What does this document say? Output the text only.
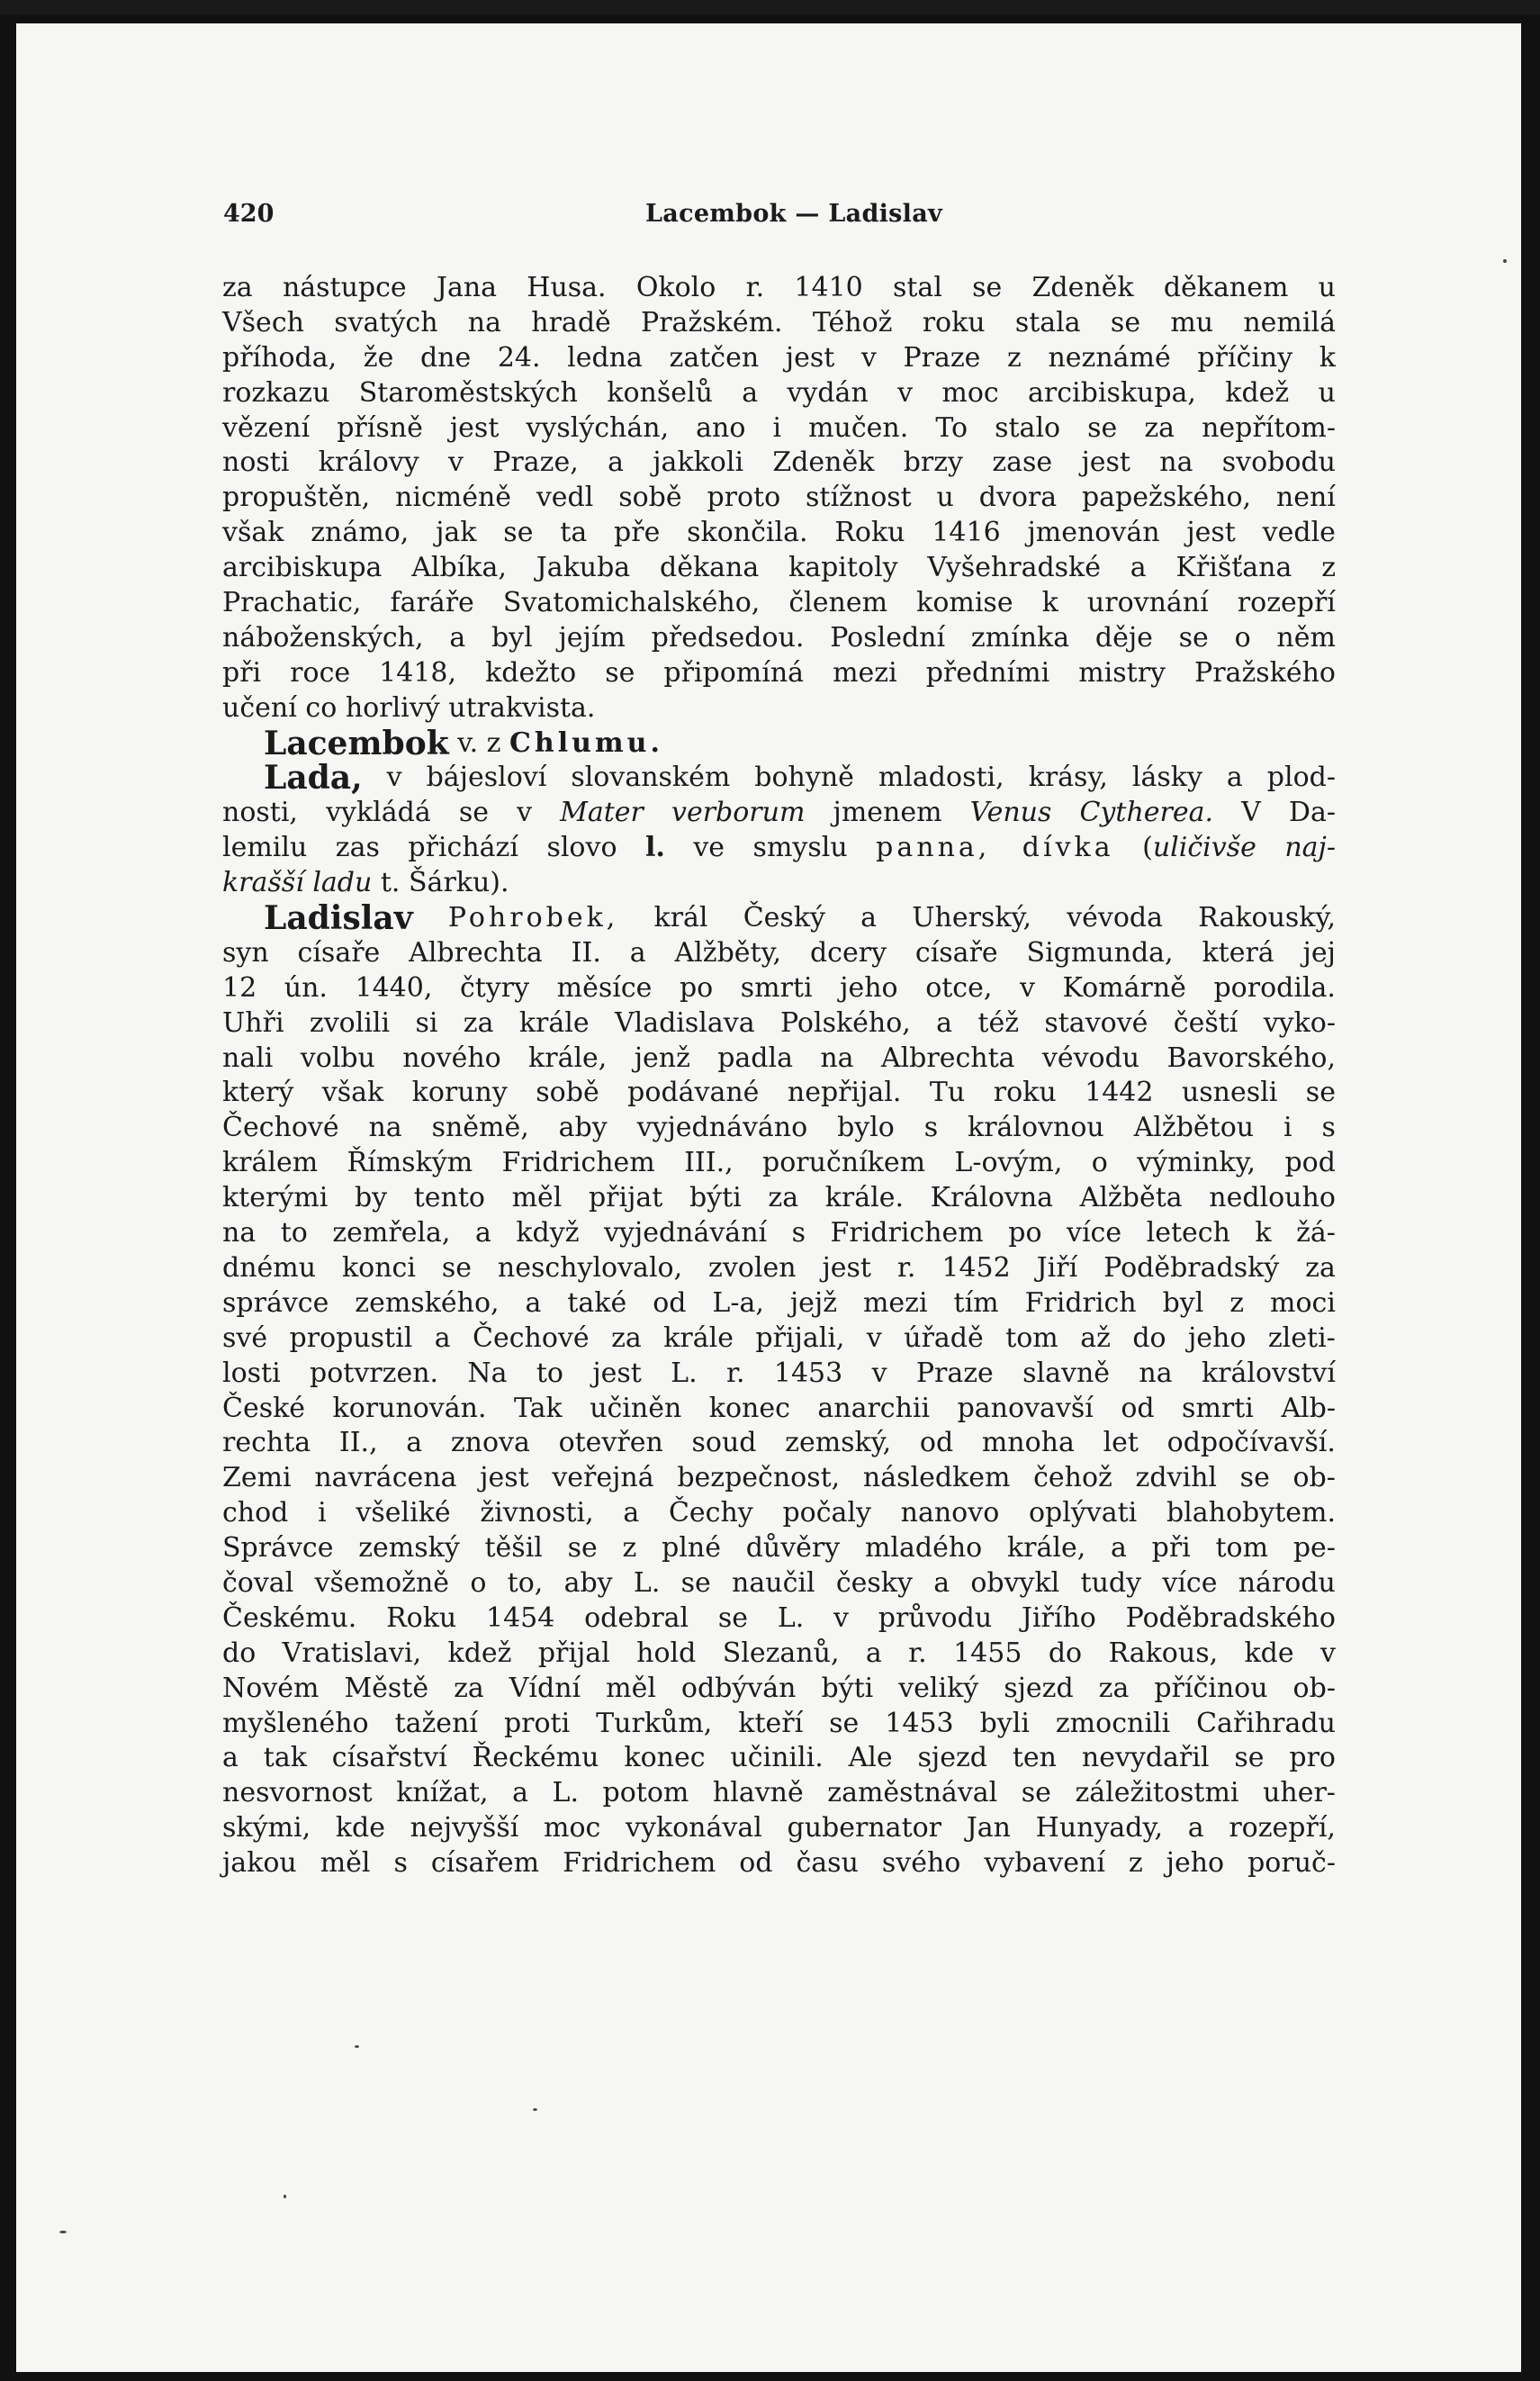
420	Lacembok — Ladislav
za nástupce Jana Husa. Okolo r. 1410 stal se Zdeněk děkanem u
Všech svatých na hradě Pražském. Téhož roku stala se mu nemilá
příhoda, že dne 24. ledna zatčen jest v Praze z neznámé příčiny k
rozkazu Staroměstských konšelů a vydán v moc arcibiskupa, kdež u
vězení přísně jest vyslýchán, ano i mučen. To stalo se za nepřítom-
nosti královy v Praze, a jakkoli Zdeněk brzy zase jest na svobodu
propuštěn, nicméně vedl sobě proto stížnost u dvora papežského, není
však známo, jak se ta pře skončila. Roku 1416 jmenován jest vedle
arcibiskupa Albíka, Jakuba děkana kapitoly Vyšehradské a Křišťana z
Prachatic, faráře Svatomichalského, členem komise k urovnání rozepří
náboženských, a byl jejím předsedou. Poslední zmínka děje se o něm
při roce 1418, kdežto se připomíná mezi předními mistry Pražského
učení co horlivý utrakvista.
Lacembok v. z Chlumu.
Lada, v bájesloví slovanském bohyně mladosti, krásy, lásky a plod-
nosti, vykládá se v Mater verborum jmenem Venus Cytherea. V Da-
lemilu zas přichází slovo l. ve smyslu panna, dívka ( uličivše naj-
krašší ladu t. Šárku).
Ladislav
Pohrobek, král Český a Uherský, vévoda Rakouský,
syn císaře Albrechta II. a Alžběty, dcery císaře Sigmunda, která jej
12 ún. 1440, čtyry měsíce po smrti jeho otce, v Komárně porodila.
Uhři zvolili si za krále Vladislava Polského, a též stavové čeští vyko-
nali volbu nového krále, jenž padla na Albrechta vévodu Bavorského,
který však koruny sobě podávané nepřijal. Tu roku 1442 usnesli se
Čechové na sněmě, aby vyjednáváno bylo s královnou Alžbětou i s
králem Římským Fridrichem III., poručníkem L-ovým, o výminky, pod
kterými by tento měl přijat býti za krále. Královna Alžběta nedlouho
na to zemřela, a když vyjednávání s Fridrichem po více letech k žá-
dnému konci se neschylovalo, zvolen jest r. 1452 Jiří Poděbradský za
správce zemského, a také od L-a, jejž mezi tím Fridrich byl z moci
své propustil a Čechové za krále přijali, v úřadě tom až do jeho zleti-
losti potvrzen. Na to jest L. r. 1453 v Praze slavně na království
České korunován. Tak učiněn konec anarchii panovavší od smrti Alb-
rechta II., a znova otevřen soud zemský, od mnoha let odpočívavší.
Zemi navrácena jest veřejná bezpečnost, následkem čehož zdvihl se ob-
chod i všeliké živnosti, a Čechy počaly nanovo oplývati blahobytem.
Správce zemský těšil se z plné důvěry mladého krále, a při tom pe-
čoval všemožně o to, aby L. se naučil česky a obvykl tudy více národu
Českému. Roku 1454 odebral se L. v průvodu Jiřího Poděbradského
do Vratislavi, kdež přijal hold Slezanů, a r. 1455 do Rakous, kde v
Novém Městě za Vídní měl odbýván býti veliký sjezd za příčinou ob-
myšleného tažení proti Turkům, kteří se 1453 byli zmocnili Cařihradu
a tak císařství Řeckému konec učinili. Ale sjezd ten nevydařil se pro
nesvornost knížat, a L. potom hlavně zaměstnával se záležitostmi uher-
skými, kde nejvyšší moc vykonával gubernator Jan Hunyady, a rozepří,
jakou měl s císařem Fridrichem od času svého vybavení z jeho poruč-
